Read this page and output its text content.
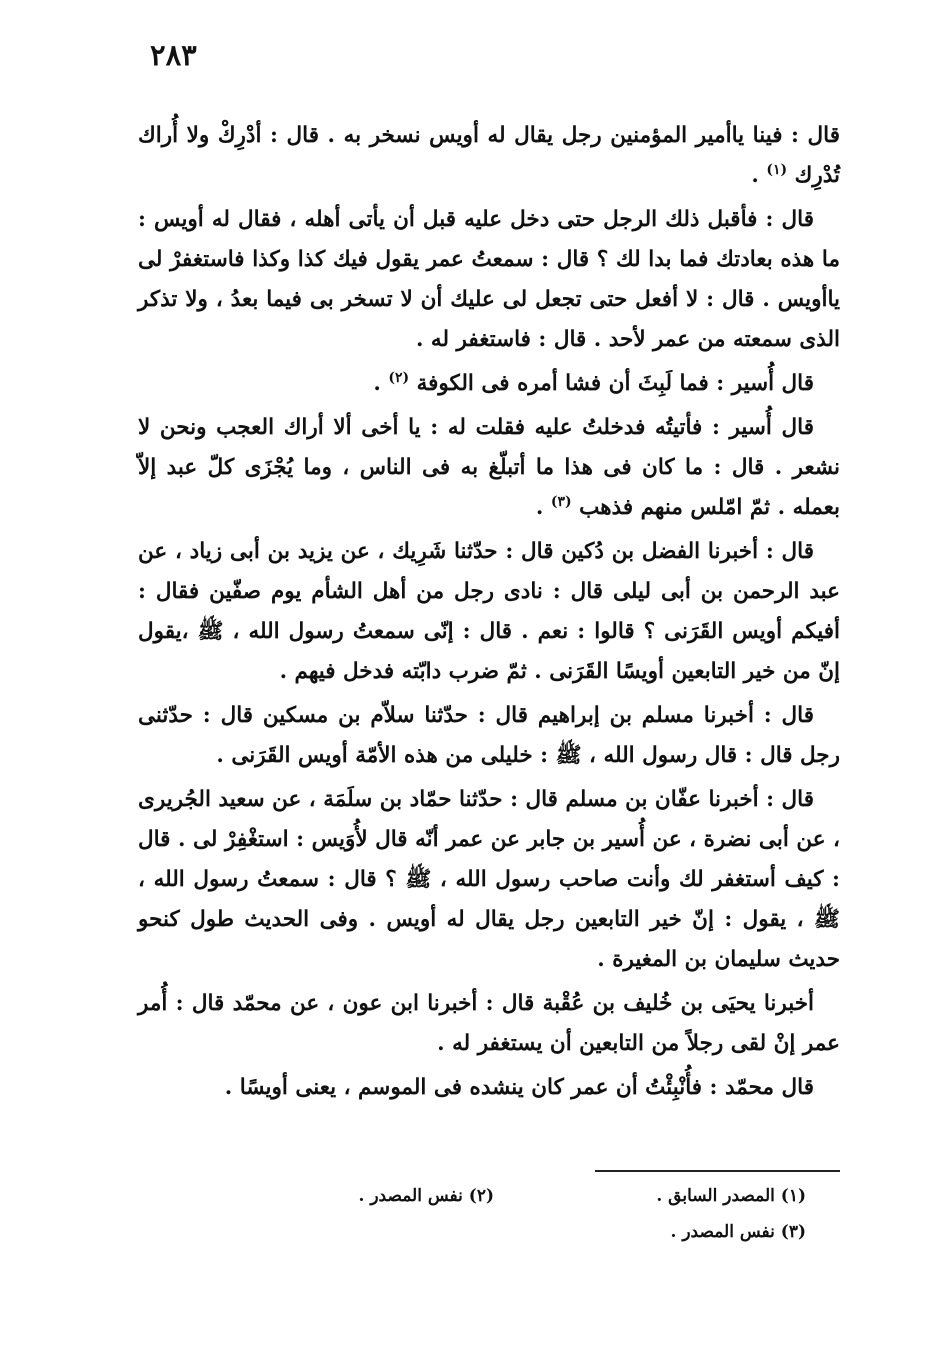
٢٨٣

قال : فينا ياأمير المؤمنين رجل يقال له أويس نسخر به . قال : أدْرِكْ ولا أُراك تُدْرِك $^{(١)}$ .

قال : فأقبل ذلك الرجل حتى دخل عليه قبل أن يأتى أهله ، فقال له أويس : ما هذه بعادتك فما بدا لك ؟ قال : سمعتُ عمر يقول فيك كذا وكذا فاستغفرْ لى ياأويس . قال : لا أفعل حتى تجعل لى عليك أن لا تسخر بى فيما بعدُ ، ولا تذكر الذى سمعته من عمر لأحد . قال : فاستغفر له .

قال أُسير : فما لَبِثَ أن فشا أمره فى الكوفة $^{(٢)}$ .

قال أُسير : فأتيتُه فدخلتُ عليه فقلت له : يا أخى ألا أراك العجب ونحن لا نشعر . قال : ما كان فى هذا ما أتبلّغ به فى الناس ، وما يُجْزَى كلّ عبد إلاّ بعمله . ثمّ امّلس منهم فذهب $^{(٣)}$ .

قال : أخبرنا الفضل بن دُكين قال : حدّثنا شَرِيك ، عن يزيد بن أبى زياد ، عن عبد الرحمن بن أبى ليلى قال : نادى رجل من أهل الشأم يوم صفّين فقال : أفيكم أويس القَرَنى ؟ قالوا : نعم . قال : إنّى سمعتُ رسول الله ، ﷺ ،يقول إنّ من خير التابعين أويسًا القَرَنى . ثمّ ضرب دابّته فدخل فيهم .

قال : أخبرنا مسلم بن إبراهيم قال : حدّثنا سلاّم بن مسكين قال : حدّثنى رجل قال : قال رسول الله ، ﷺ : خليلى من هذه الأمّة أويس القَرَنى .

قال : أخبرنا عفّان بن مسلم قال : حدّثنا حمّاد بن سلَمَة ، عن سعيد الجُريرى ، عن أبى نضرة ، عن أُسير بن جابر عن عمر أنّه قال لأُوَيس : استغْفِرْ لى . قال : كيف أستغفر لك وأنت صاحب رسول الله ، ﷺ ؟ قال : سمعتُ رسول الله ، ﷺ ، يقول : إنّ خير التابعين رجل يقال له أويس . وفى الحديث طول كنحو حديث سليمان بن المغيرة .

أخبرنا يحيَى بن خُليف بن عُقْبة قال : أخبرنا ابن عون ، عن محمّد قال : أُمر عمر إنْ لقى رجلاً من التابعين أن يستغفر له .

قال محمّد : فأُنْبِئْتُ أن عمر كان ينشده فى الموسم ، يعنى أويسًا .

(١) المصدر السابق .
(٢) نفس المصدر .
(٣) نفس المصدر .
